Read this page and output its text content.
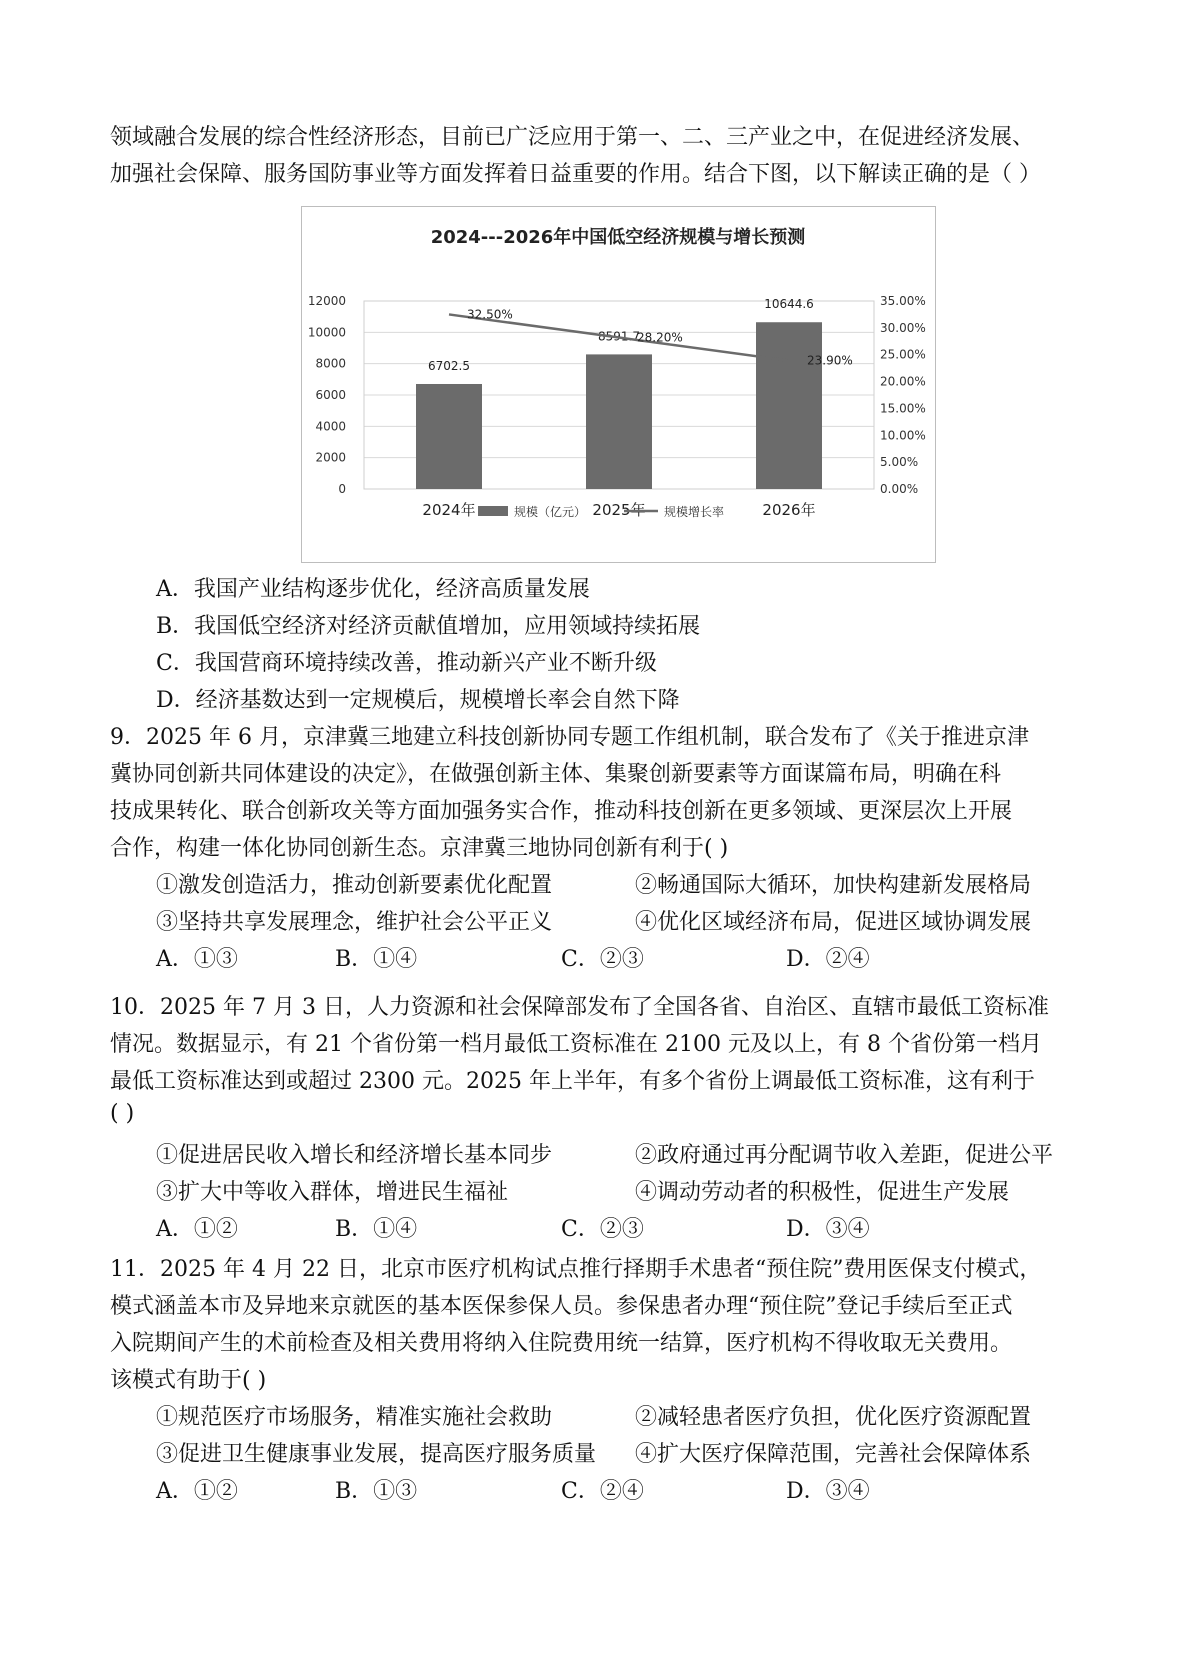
领域融合发展的综合性经济形态，目前已广泛应用于第一、二、三产业之中，在促进经济发展、
加强社会保障、服务国防事业等方面发挥着日益重要的作用。结合下图，以下解读正确的是（ ）
2024---2026年中国低空经济规模与增长预测
0
2000
4000
6000
8000
10000
12000
0.00%
5.00%
10.00%
15.00%
20.00%
25.00%
30.00%
35.00%
6702.5
8591.7
10644.6
2024年	2025年	2026年
32.50%
28.20%
23.90%
规模（亿元）	规模增长率
A．我国产业结构逐步优化，经济高质量发展
B．我国低空经济对经济贡献值增加，应用领域持续拓展
C．我国营商环境持续改善，推动新兴产业不断升级
D．经济基数达到一定规模后，规模增长率会自然下降
9．2025 年 6 月，京津冀三地建立科技创新协同专题工作组机制，联合发布了《关于推进京津
冀协同创新共同体建设的决定》，在做强创新主体、集聚创新要素等方面谋篇布局，明确在科
技成果转化、联合创新攻关等方面加强务实合作，推动科技创新在更多领域、更深层次上开展
合作，构建一体化协同创新生态。京津冀三地协同创新有利于( )
①激发创造活力，推动创新要素优化配置	②畅通国际大循环，加快构建新发展格局
③坚持共享发展理念，维护社会公平正义	④优化区域经济布局，促进区域协调发展
A．①③	B．①④	C．②③	D．②④
10．2025 年 7 月 3 日，人力资源和社会保障部发布了全国各省、自治区、直辖市最低工资标准
情况。数据显示，有 21 个省份第一档月最低工资标准在 2100 元及以上，有 8 个省份第一档月
最低工资标准达到或超过 2300 元。2025 年上半年，有多个省份上调最低工资标准，这有利于
( )
①促进居民收入增长和经济增长基本同步	②政府通过再分配调节收入差距，促进公平
③扩大中等收入群体，增进民生福祉	④调动劳动者的积极性，促进生产发展
A．①②	B．①④	C．②③	D．③④
11．2025 年 4 月 22 日，北京市医疗机构试点推行择期手术患者“预住院”费用医保支付模式，
模式涵盖本市及异地来京就医的基本医保参保人员。参保患者办理“预住院”登记手续后至正式
入院期间产生的术前检查及相关费用将纳入住院费用统一结算，医疗机构不得收取无关费用。
该模式有助于( )
①规范医疗市场服务，精准实施社会救助	②减轻患者医疗负担，优化医疗资源配置
③促进卫生健康事业发展，提高医疗服务质量 ④扩大医疗保障范围，完善社会保障体系
A．①②	B．①③	C．②④	D．③④
